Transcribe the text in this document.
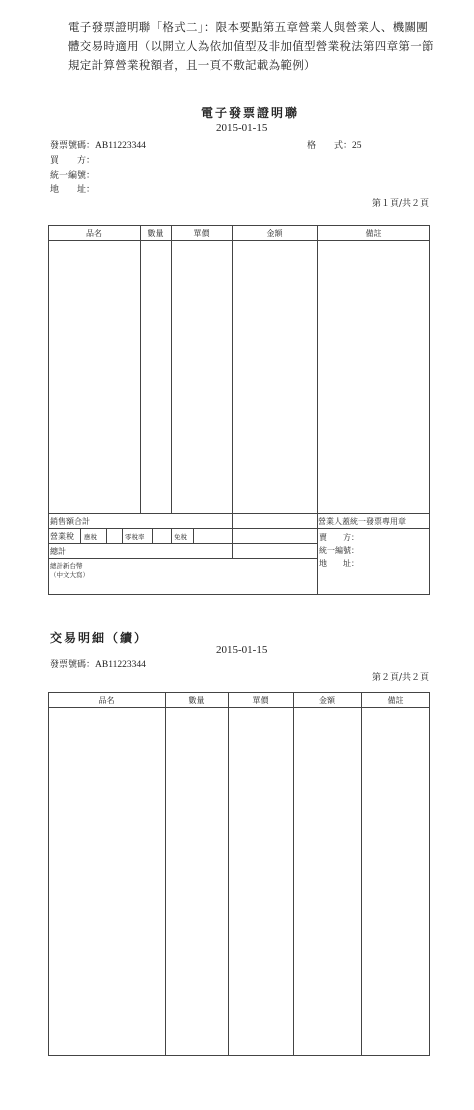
電子發票證明聯「格式二」：限本要點第五章營業人與營業人、機關團體交易時適用（以開立人為依加值型及非加值型營業稅法第四章第一節規定計算營業稅額者，且一頁不敷記載為範例）
電子發票證明聯
2015-01-15
發票號碼：AB11223344	格　　式：25
買　　方：
統一編號：
地　　址：
第１頁/共２頁
品名	數量	單價	金額	備註
銷售額合計
營業稅 應稅	零稅率	免稅
總計
總計新台幣
（中文大寫）
營業人蓋統一發票專用章
賣　　方：
統一編號：
地　　址：
交易明細（續）
2015-01-15
發票號碼：AB11223344
第２頁/共２頁
品名	數量	單價	金額	備註
